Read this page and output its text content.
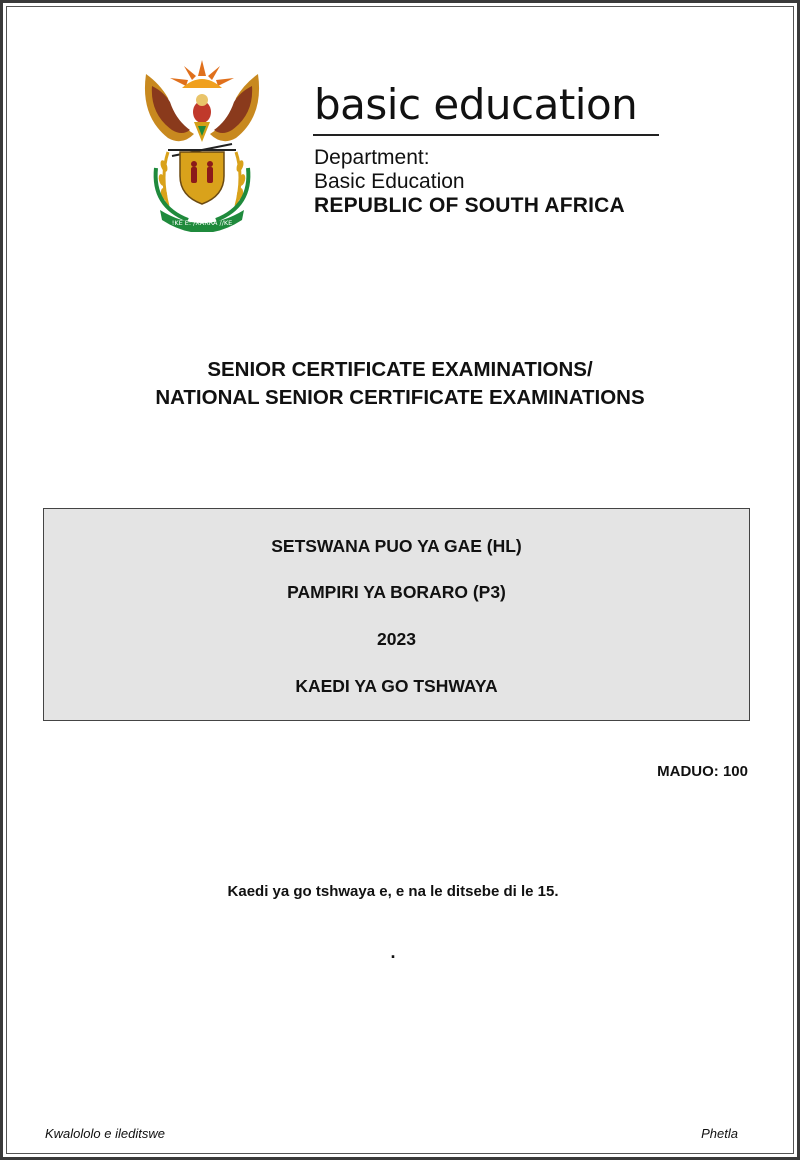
!KE E: /XARRA //KE
basic education
Department:
Basic Education
REPUBLIC OF SOUTH AFRICA
SENIOR CERTIFICATE EXAMINATIONS/
NATIONAL SENIOR CERTIFICATE EXAMINATIONS
SETSWANA PUO YA GAE (HL)
PAMPIRI YA BORARO (P3)
2023
KAEDI YA GO TSHWAYA
MADUO: 100
Kaedi ya go tshwaya e, e na le ditsebe di le 15.
.
Kwalololo e ileditswe	Phetla
